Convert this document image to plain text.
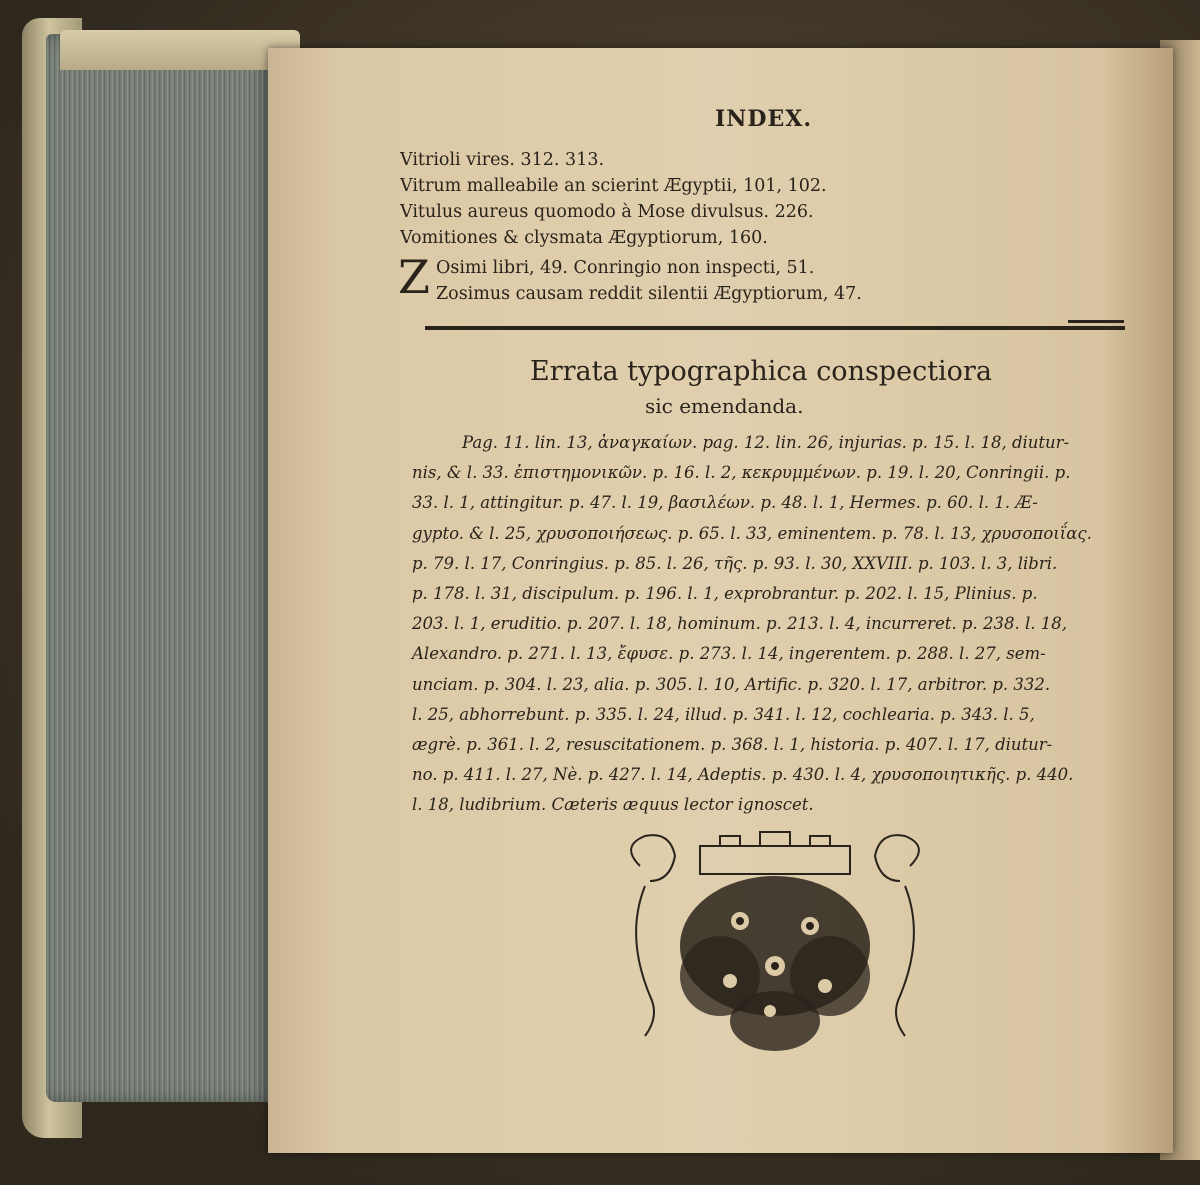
INDEX.
Vitrioli vires. 312. 313.
Vitrum malleabile an scierint Ægyptii, 101, 102.
Vitulus aureus quomodo à Mose divulsus. 226.
Vomitiones & clysmata Ægyptiorum, 160.
Z Osimi libri, 49. Conringio non inspecti, 51.
Zosimus causam reddit silentii Ægyptiorum, 47.
Errata typographica conspectiora
sic emendanda.

Pag. 11. lin. 13, ἀναγκαίων. pag. 12. lin. 26, injurias. p. 15. l. 18, diutur-

nis, & l. 33. ἐπιστημονικῶν. p. 16. l. 2, κεκρυμμένων. p. 19. l. 20, Conringii. p.

33. l. 1, attingitur. p. 47. l. 19, βασιλέων. p. 48. l. 1, Hermes. p. 60. l. 1. Æ-

gypto. & l. 25, χρυσοποιήσεως. p. 65. l. 33, eminentem. p. 78. l. 13, χρυσοποιΐας.

p. 79. l. 17, Conringius. p. 85. l. 26, τῆς. p. 93. l. 30, XXVIII. p. 103. l. 3, libri.

p. 178. l. 31, discipulum. p. 196. l. 1, exprobrantur. p. 202. l. 15, Plinius. p.

203. l. 1, eruditio. p. 207. l. 18, hominum. p. 213. l. 4, incurreret. p. 238. l. 18,

Alexandro. p. 271. l. 13, ἔφυσε. p. 273. l. 14, ingerentem. p. 288. l. 27, sem-

unciam. p. 304. l. 23, alia. p. 305. l. 10, Artific. p. 320. l. 17, arbitror. p. 332.

l. 25, abhorrebunt. p. 335. l. 24, illud. p. 341. l. 12, cochlearia. p. 343. l. 5,

ægrè. p. 361. l. 2, resuscitationem. p. 368. l. 1, historia. p. 407. l. 17, diutur-

no. p. 411. l. 27, Nè. p. 427. l. 14, Adeptis. p. 430. l. 4, χρυσοποιητικῆς. p. 440.

l. 18, ludibrium. Cæteris æquus lector ignoscet.
